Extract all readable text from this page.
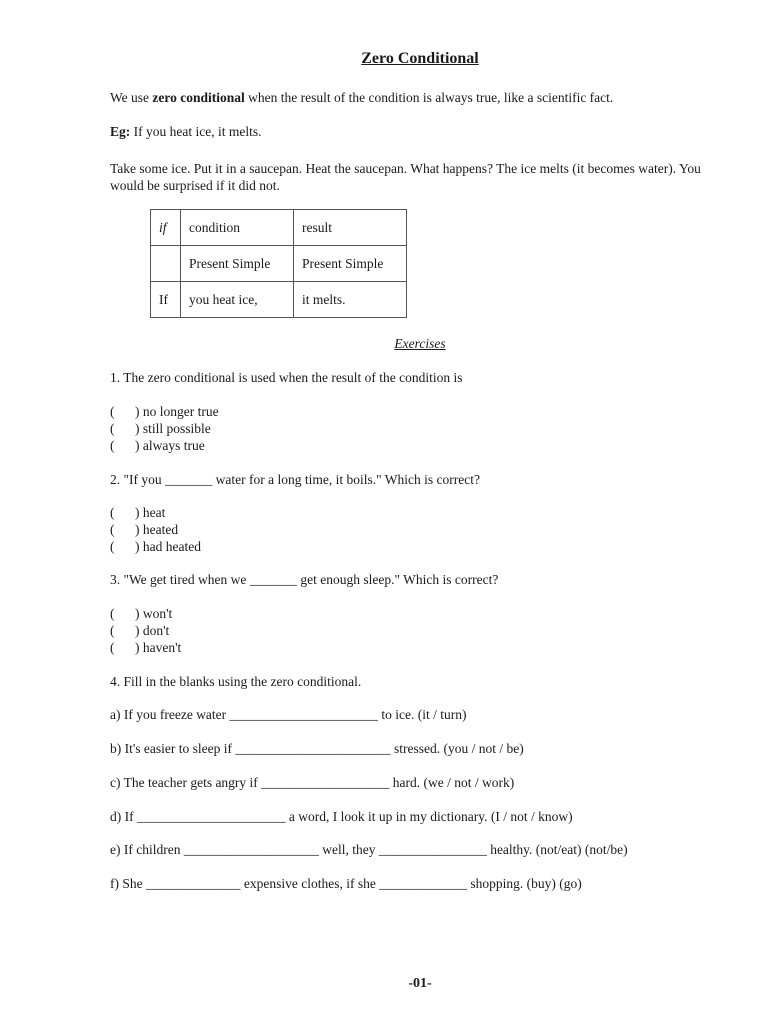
Zero Conditional
We use zero conditional when the result of the condition is always true, like a scientific fact.
Eg: If you heat ice, it melts.
Take some ice. Put it in a saucepan. Heat the saucepan. What happens? The ice melts (it becomes water). You would be surprised if it did not.
if	condition	result
	Present Simple	Present Simple
If	you heat ice,	it melts.
Exercises
1. The zero conditional is used when the result of the condition is
( ) no longer true
( ) still possible
( ) always true
2. "If you _______ water for a long time, it boils." Which is correct?
( ) heat
( ) heated
( ) had heated
3. "We get tired when we _______ get enough sleep." Which is correct?
( ) won't
( ) don't
( ) haven't
4. Fill in the blanks using the zero conditional.
a) If you freeze water ______________________ to ice. (it / turn)
b) It's easier to sleep if _______________________ stressed. (you / not / be)
c) The teacher gets angry if ___________________ hard. (we / not / work)
d) If ______________________ a word, I look it up in my dictionary. (I / not / know)
e) If children ____________________ well, they ________________ healthy. (not/eat) (not/be)
f) She ______________ expensive clothes, if she _____________ shopping. (buy) (go)
-01-
